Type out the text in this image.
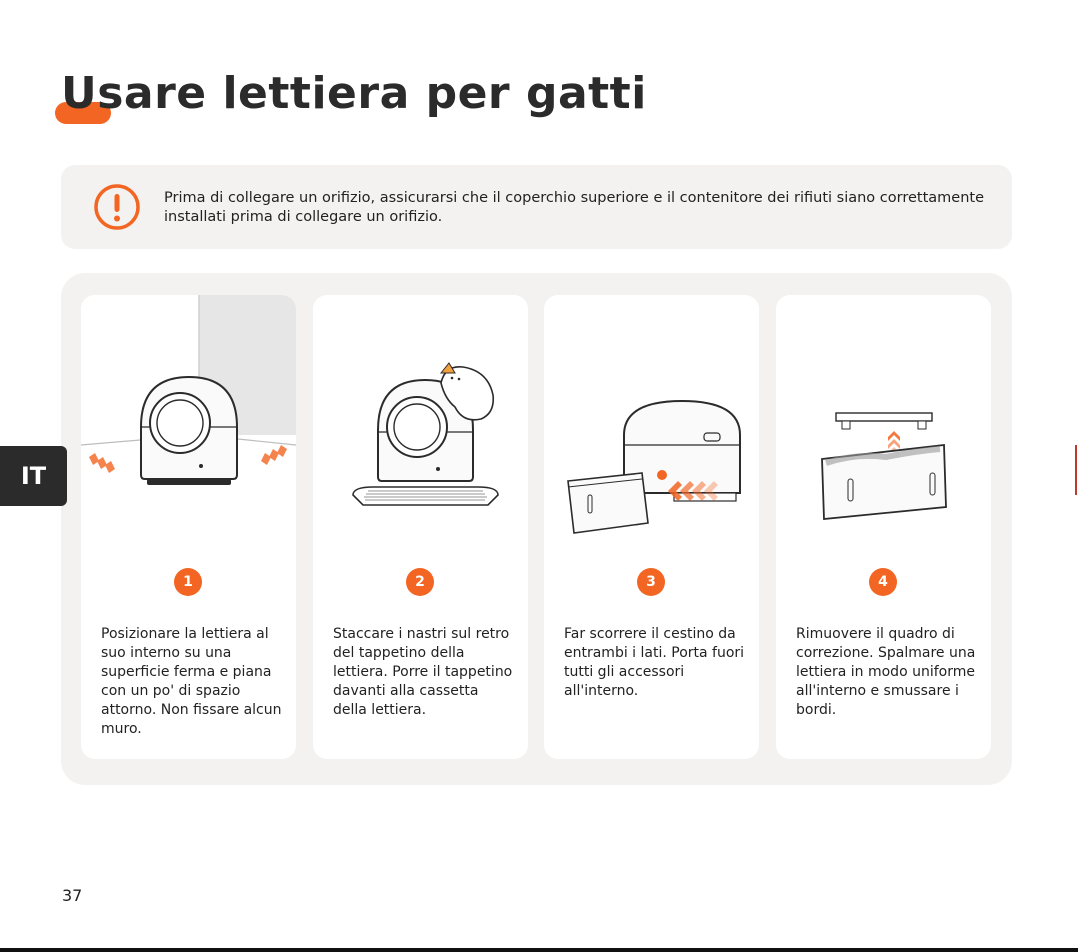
Usare lettiera per gatti

Prima di collegare un orifizio, assicurarsi che il coperchio superiore e il contenitore dei rifiuti siano correttamente installati prima di collegare un orifizio.

1

Posizionare la lettiera al suo interno su una superficie ferma e piana con un po' di spazio attorno. Non fissare alcun muro.

2

Staccare i nastri sul retro del tappetino della lettiera. Porre il tappetino davanti alla cassetta della lettiera.

3

Far scorrere il cestino da entrambi i lati. Porta fuori tutti gli accessori all'interno.

4

Rimuovere il quadro di correzione. Spalmare una lettiera in modo uniforme all'interno e smussare i bordi.

IT
37
